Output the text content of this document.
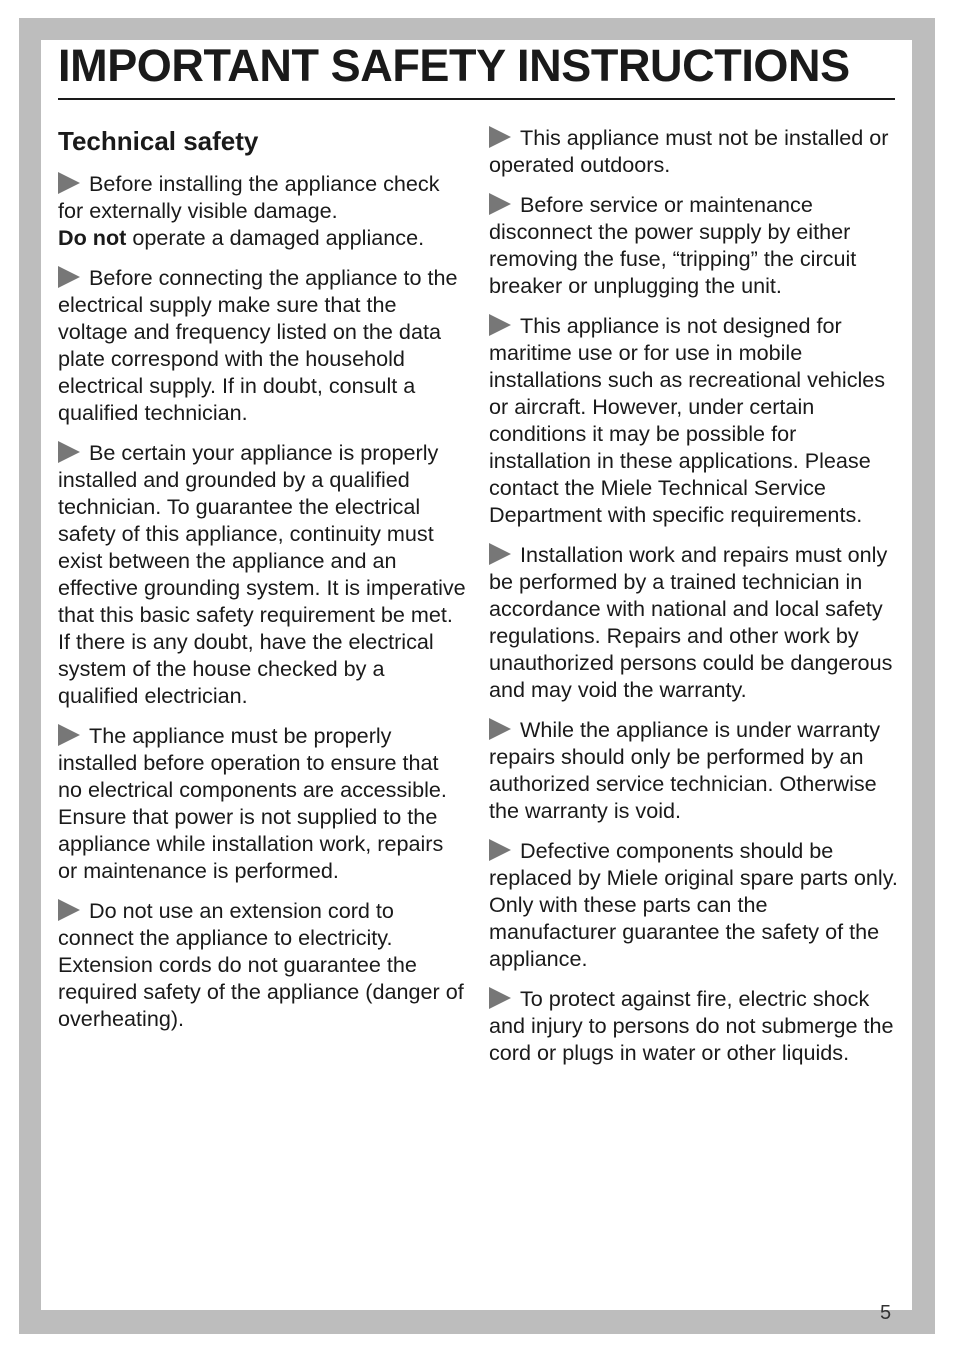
IMPORTANT SAFETY INSTRUCTIONS
Technical safety

Before installing the appliance check for externally visible damage.
Do not operate a damaged appliance.

Before connecting the appliance to the electrical supply make sure that the voltage and frequency listed on the data plate correspond with the household electrical supply. If in doubt, consult a qualified technician.

Be certain your appliance is properly installed and grounded by a qualified technician. To guarantee the electrical safety of this appliance, continuity must exist between the appliance and an effective grounding system. It is imperative that this basic safety requirement be met. If there is any doubt, have the electrical system of the house checked by a qualified electrician.

The appliance must be properly installed before operation to ensure that no electrical components are accessible. Ensure that power is not supplied to the appliance while installation work, repairs or maintenance is performed.

Do not use an extension cord to connect the appliance to electricity. Extension cords do not guarantee the required safety of the appliance (danger of overheating).

This appliance must not be installed or operated outdoors.

Before service or maintenance disconnect the power supply by either removing the fuse, “tripping” the circuit breaker or unplugging the unit.

This appliance is not designed for maritime use or for use in mobile installations such as recreational vehicles or aircraft. However, under certain conditions it may be possible for installation in these applications. Please contact the Miele Technical Service Department with specific requirements.

Installation work and repairs must only be performed by a trained technician in accordance with national and local safety regulations. Repairs and other work by unauthorized persons could be dangerous and may void the warranty.

While the appliance is under warranty repairs should only be performed by an authorized service technician. Otherwise the warranty is void.

Defective components should be replaced by Miele original spare parts only. Only with these parts can the manufacturer guarantee the safety of the appliance.

To protect against fire, electric shock and injury to persons do not submerge the cord or plugs in water or other liquids.

5
